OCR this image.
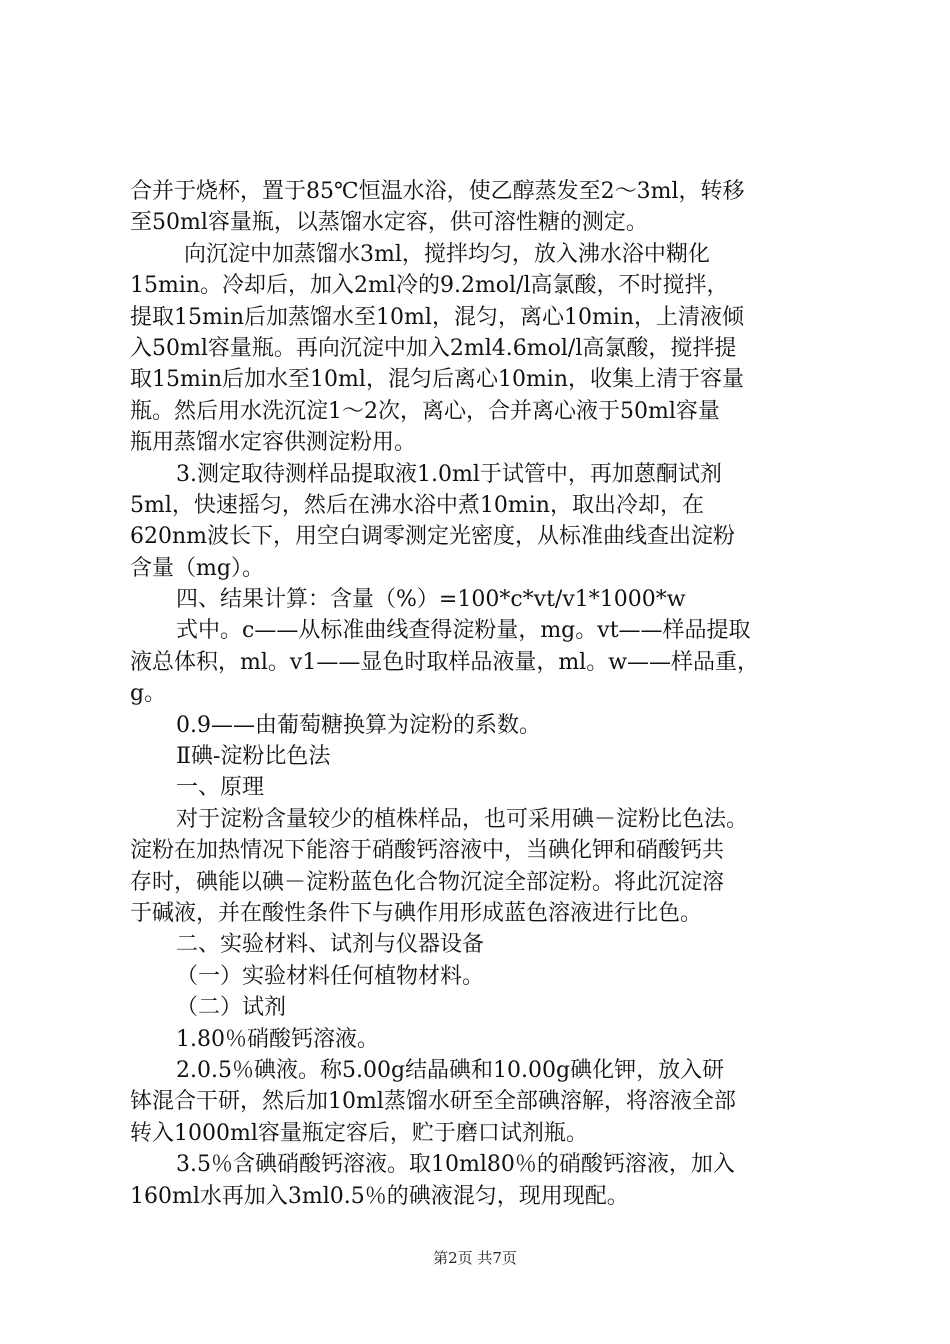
合并于烧杯，置于85℃恒温水浴，使乙醇蒸发至2～3ml，转移
至50ml容量瓶，以蒸馏水定容，供可溶性糖的测定。
向沉淀中加蒸馏水3ml，搅拌均匀，放入沸水浴中糊化
15min。冷却后，加入2ml冷的9.2mol/l高氯酸，不时搅拌，
提取15min后加蒸馏水至10ml，混匀，离心10min，上清液倾
入50ml容量瓶。再向沉淀中加入2ml4.6mol/l高氯酸，搅拌提
取15min后加水至10ml，混匀后离心10min，收集上清于容量
瓶。然后用水洗沉淀1～2次，离心，合并离心液于50ml容量
瓶用蒸馏水定容供测淀粉用。
3.测定取待测样品提取液1.0ml于试管中，再加蒽酮试剂
5ml，快速摇匀，然后在沸水浴中煮10min，取出冷却，在
620nm波长下，用空白调零测定光密度，从标准曲线查出淀粉
含量（mg）。
四、结果计算：含量（%）=100*c*vt/v1*1000*w
式中。c——从标准曲线查得淀粉量，mg。vt——样品提取
液总体积，ml。v1——显色时取样品液量，ml。w——样品重，
g。
0.9——由葡萄糖换算为淀粉的系数。
Ⅱ碘-淀粉比色法
一、原理
对于淀粉含量较少的植株样品，也可采用碘－淀粉比色法。
淀粉在加热情况下能溶于硝酸钙溶液中，当碘化钾和硝酸钙共
存时，碘能以碘－淀粉蓝色化合物沉淀全部淀粉。将此沉淀溶
于碱液，并在酸性条件下与碘作用形成蓝色溶液进行比色。
二、实验材料、试剂与仪器设备
（一）实验材料任何植物材料。
（二）试剂
1.80％硝酸钙溶液。
2.0.5％碘液。称5.00g结晶碘和10.00g碘化钾，放入研
钵混合干研，然后加10ml蒸馏水研至全部碘溶解，将溶液全部
转入1000ml容量瓶定容后，贮于磨口试剂瓶。
3.5％含碘硝酸钙溶液。取10ml80％的硝酸钙溶液，加入
160ml水再加入3ml0.5％的碘液混匀，现用现配。
第2页 共7页
